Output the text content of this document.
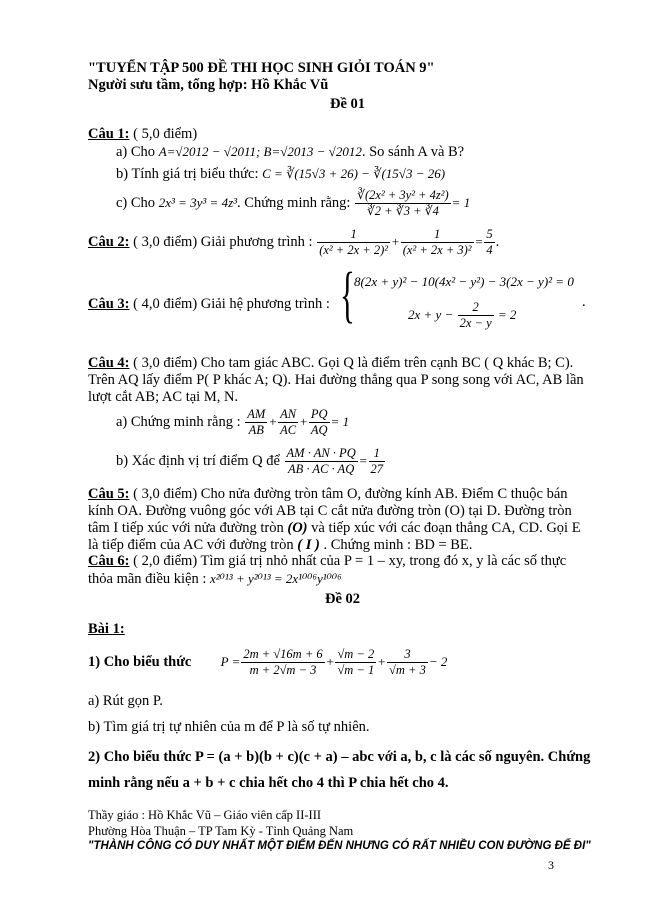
"TUYỂN TẬP 500 ĐỀ THI HỌC SINH GIỎI TOÁN 9"
Người sưu tầm, tổng hợp: Hồ Khắc Vũ
Đề 01
Câu 1: ( 5,0 điểm)
a) Cho A=√2012 − √2011; B=√2013 − √2012. So sánh A và B?
b) Tính giá trị biểu thức: C = ∛(15√3 + 26) − ∛(15√3 − 26)
c) Cho 2x³ = 3y³ = 4z³. Chứng minh rằng: $\frac{\text{∛(2x² + 3y² + 4z²)}}{∛2 + ∛3 + ∛4} = 1$
Câu 2: ( 3,0 điểm) Giải phương trình : $\frac{1}{\text{(x² + 2x + 2)²}} + \frac{1}{\text{(x² + 2x + 3)²}} = \frac{5}{4}$ .
Câu 3: ( 4,0 điểm) Giải hệ phương trình : { 8(2x + y)² − 10(4x² − y²) − 3(2x − y)² = 0
$2x + y - \frac{2}{2x - y} = 2$
.
Câu 4: ( 3,0 điểm) Cho tam giác ABC. Gọi Q là điểm trên cạnh BC ( Q khác B; C). Trên AQ lấy điểm P( P khác A; Q). Hai đường thẳng qua P song song với AC, AB lần lượt cắt AB; AC tại M, N.
a) Chứng minh rằng : $\frac{AM}{AB} + \frac{AN}{AC} + \frac{PQ}{AQ} = 1$
b) Xác định vị trí điểm Q để $\frac{AM \cdot AN \cdot PQ}{AB \cdot AC \cdot AQ} = \frac{1}{27}$
Câu 5: ( 3,0 điểm) Cho nửa đường tròn tâm O, đường kính AB. Điểm C thuộc bán kính OA. Đường vuông góc với AB tại C cắt nửa đường tròn (O) tại D. Đường tròn tâm I tiếp xúc với nửa đường tròn (O) và tiếp xúc với các đoạn thẳng CA, CD. Gọi E là tiếp điểm của AC với đường tròn ( I ) . Chứng minh : BD = BE.
Câu 6: ( 2,0 điểm) Tìm giá trị nhỏ nhất của P = 1 – xy, trong đó x, y là các số thực thỏa mãn điều kiện : x²⁰¹³ + y²⁰¹³ = 2x¹⁰⁰⁶y¹⁰⁰⁶
Đề 02
Bài 1:
1) Cho biểu thức $P = \frac{2m + √16m + 6}{m + 2√m - 3} + \frac{√m - 2}{√m - 1} + \frac{3}{√m + 3} - 2$
a) Rút gọn P.
b) Tìm giá trị tự nhiên của m để P là số tự nhiên.
2) Cho biểu thức P = (a + b)(b + c)(c + a) – abc với a, b, c là các số nguyên. Chứng minh rằng nếu a + b + c chia hết cho 4 thì P chia hết cho 4.
Thầy giáo : Hồ Khắc Vũ – Giáo viên cấp II-III
Phường Hòa Thuận – TP Tam Kỳ - Tỉnh Quảng Nam
"THÀNH CÔNG CÓ DUY NHẤT MỘT ĐIỂM ĐẾN NHƯNG CÓ RẤT NHIỀU CON ĐƯỜNG ĐỂ ĐI"
3
